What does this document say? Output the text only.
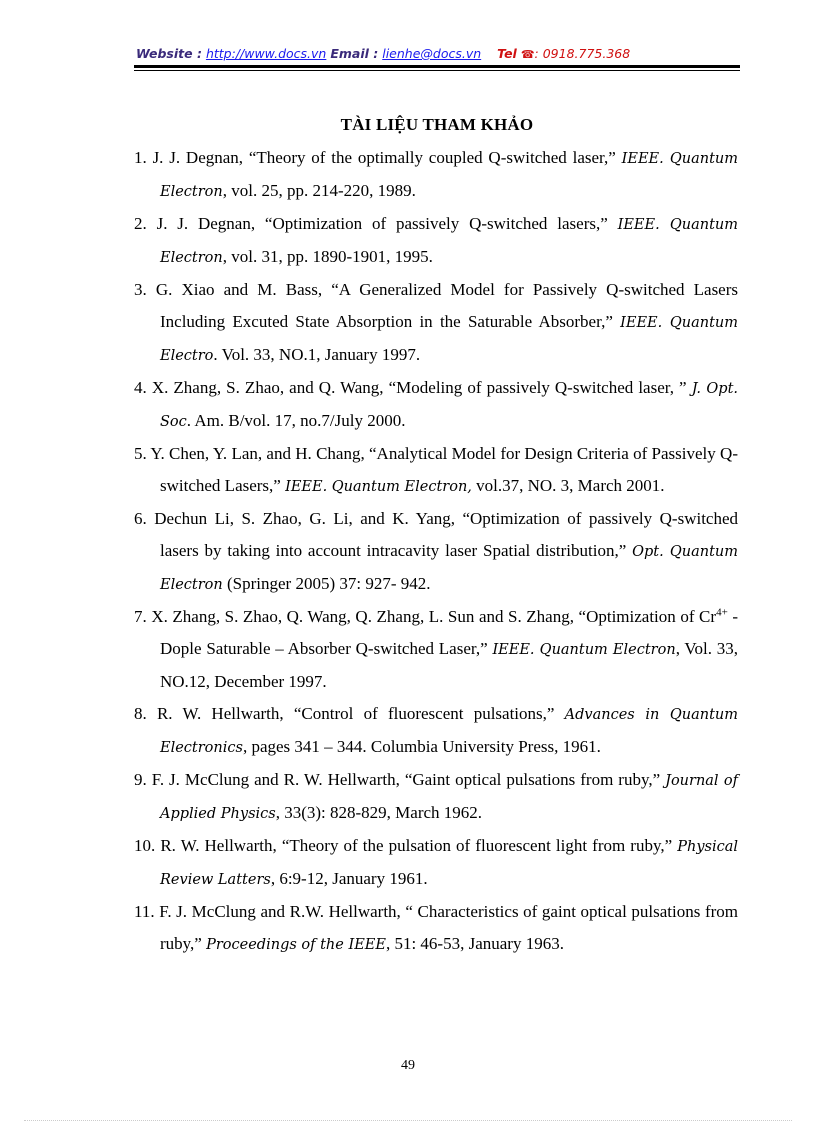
Website : http://www.docs.vn Email : lienhe@docs.vn Tel ☎: 0918.775.368
TÀI LIỆU THAM KHẢO
1. J. J. Degnan, “Theory of the optimally coupled Q-switched laser,” IEEE. Quantum Electron, vol. 25, pp. 214-220, 1989.
2. J. J. Degnan, “Optimization of passively Q-switched lasers,” IEEE. Quantum Electron, vol. 31, pp. 1890-1901, 1995.
3. G. Xiao and M. Bass, “A Generalized Model for Passively Q-switched Lasers Including Excuted State Absorption in the Saturable Absorber,” IEEE. Quantum Electro. Vol. 33, NO.1, January 1997.
4. X. Zhang, S. Zhao, and Q. Wang, “Modeling of passively Q-switched laser, ” J. Opt. Soc. Am. B/vol. 17, no.7/July 2000.
5. Y. Chen, Y. Lan, and H. Chang, “Analytical Model for Design Criteria of Passively Q-switched Lasers,” IEEE. Quantum Electron, vol.37, NO. 3, March 2001.
6. Dechun Li, S. Zhao, G. Li, and K. Yang, “Optimization of passively Q-switched lasers by taking into account intracavity laser Spatial distribution,” Opt. Quantum Electron (Springer 2005) 37: 927- 942.
7. X. Zhang, S. Zhao, Q. Wang, Q. Zhang, L. Sun and S. Zhang, “Optimization of $Cr^{4+}$ - Dople Saturable – Absorber Q-switched Laser,” IEEE. Quantum Electron, Vol. 33, NO.12, December 1997.
8. R. W. Hellwarth, “Control of fluorescent pulsations,” Advances in Quantum Electronics, pages 341 – 344. Columbia University Press, 1961.
9. F. J. McClung and R. W. Hellwarth, “Gaint optical pulsations from ruby,” Journal of Applied Physics, 33(3): 828-829, March 1962.
10. R. W. Hellwarth, “Theory of the pulsation of fluorescent light from ruby,” Physical Review Latters, 6:9-12, January 1961.
11. F. J. McClung and R.W. Hellwarth, “ Characteristics of gaint optical pulsations from ruby,” Proceedings of the IEEE, 51: 46-53, January 1963.
49
